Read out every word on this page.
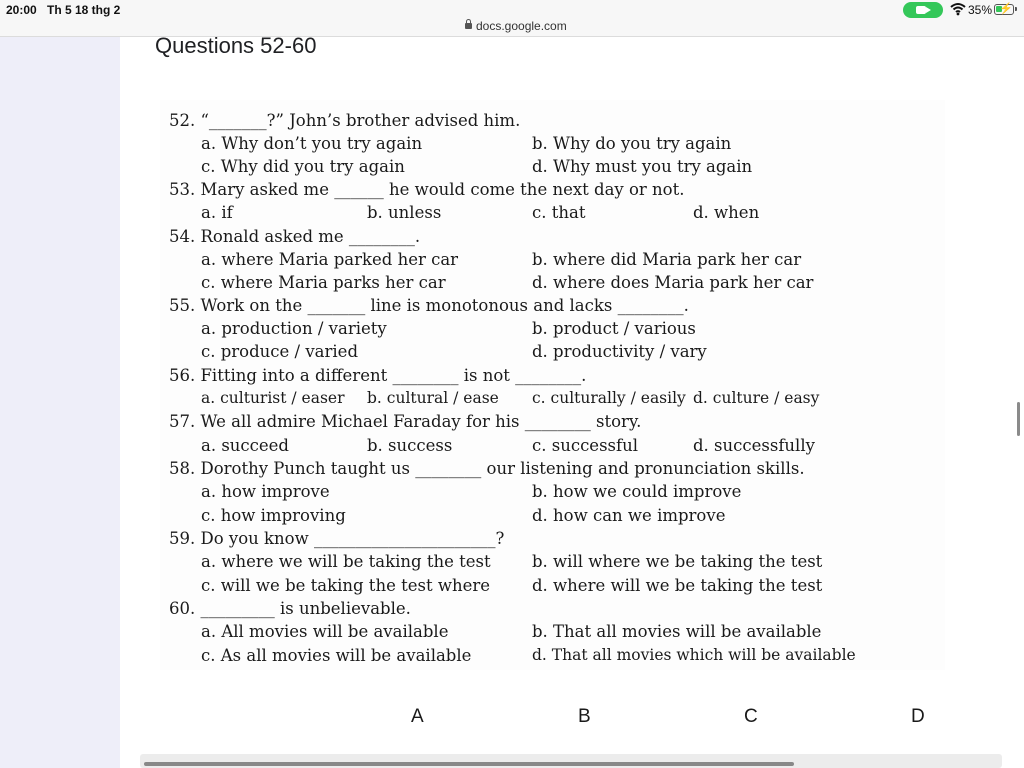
20:00 Th 5 18 thg 2	35% ⚡
docs.google.com
Questions 52-60
52. “_______?” John’s brother advised him.
a. Why don’t you try again	b. Why do you try again
c. Why did you try again	d. Why must you try again
53. Mary asked me ______ he would come the next day or not.
a. if	b. unless	c. that	d. when
54. Ronald asked me ________.
a. where Maria parked her car	b. where did Maria park her car
c. where Maria parks her car	d. where does Maria park her car
55. Work on the _______ line is monotonous and lacks ________.
a. production / variety	b. product / various
c. produce / varied	d. productivity / vary
56. Fitting into a different ________ is not ________.
a. culturist / easer b. cultural / ease c. culturally / easily d. culture / easy
57. We all admire Michael Faraday for his ________ story.
a. succeed	b. success	c. successful	d. successfully
58. Dorothy Punch taught us ________ our listening and pronunciation skills.
a. how improve	b. how we could improve
c. how improving	d. how can we improve
59. Do you know ______________________?
a. where we will be taking the test	b. will where we be taking the test
c. will we be taking the test where	d. where will we be taking the test
60. _________ is unbelievable.
a. All movies will be available	b. That all movies will be available
c. As all movies will be available	d. That all movies which will be available
A	B	C	D
